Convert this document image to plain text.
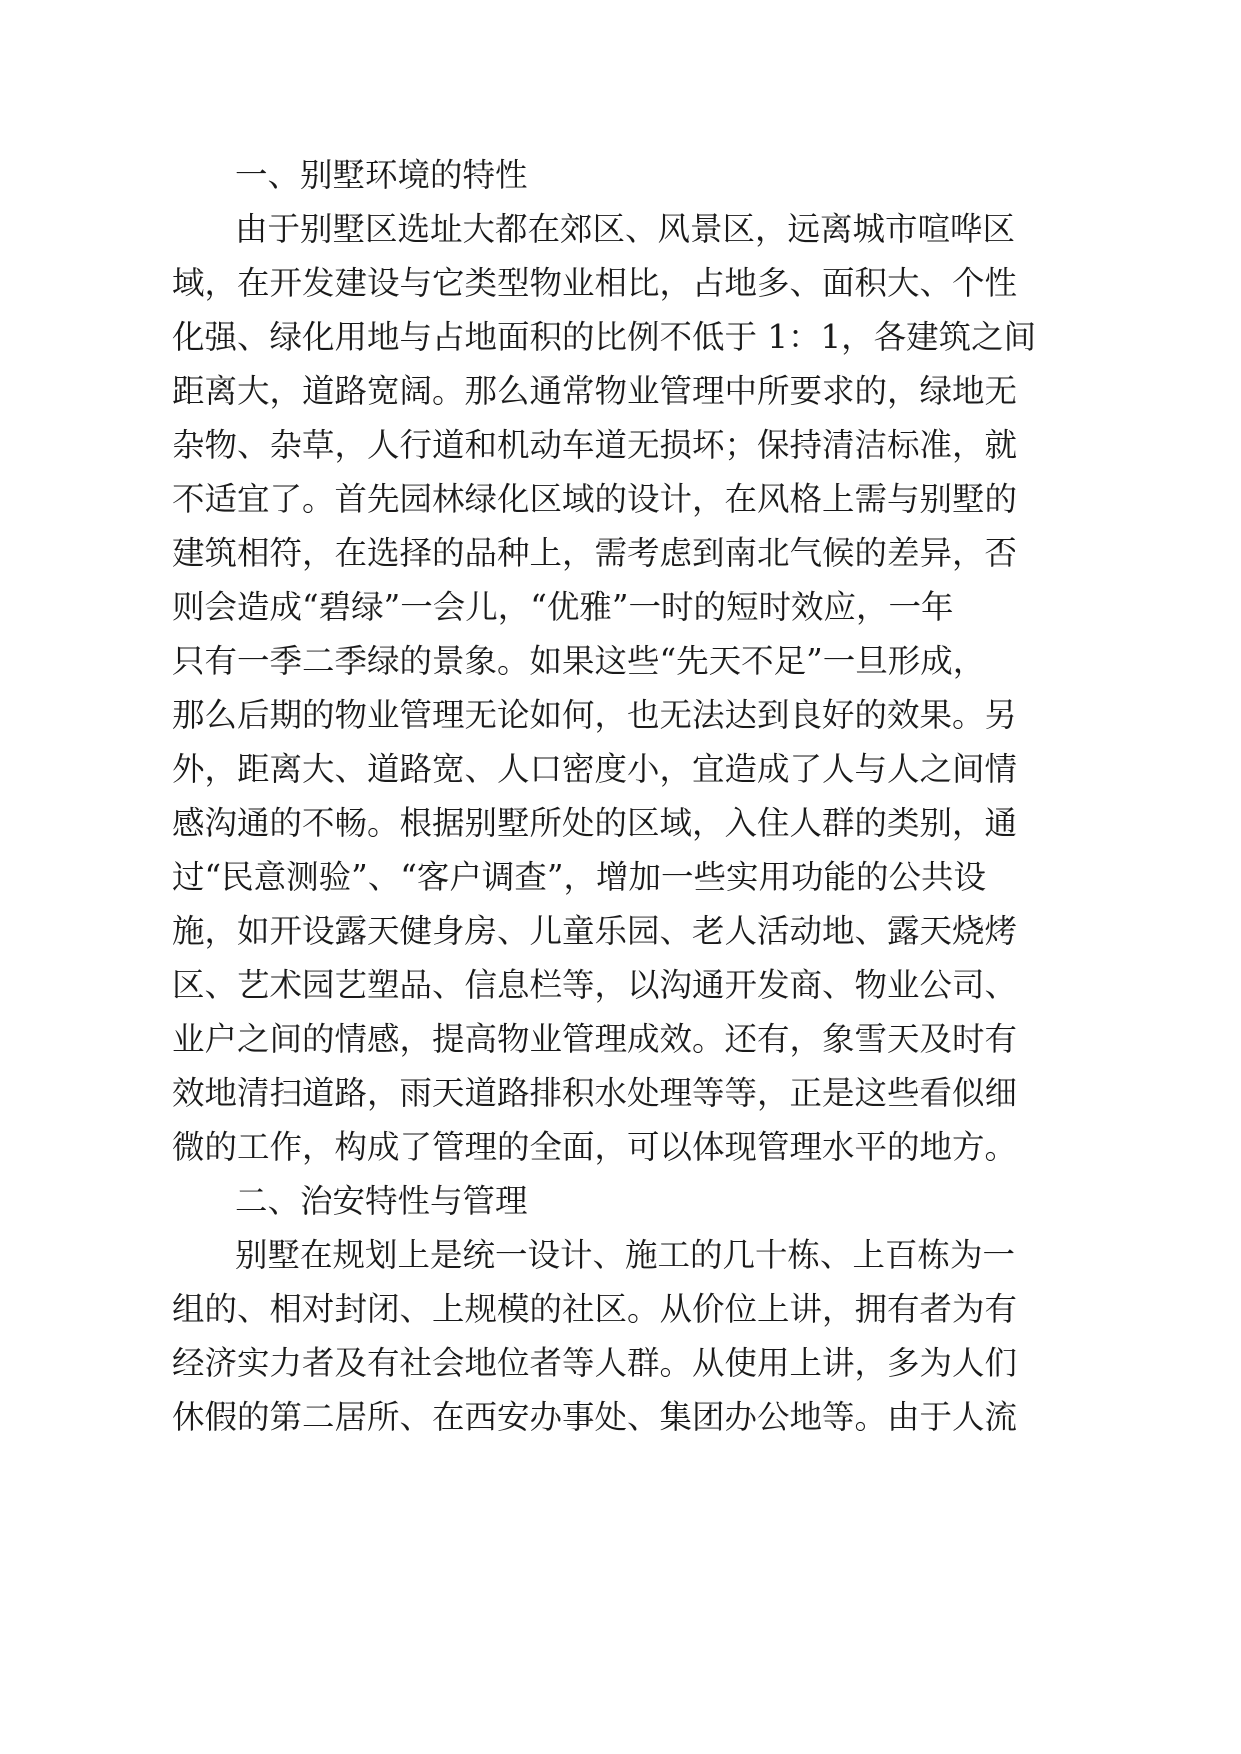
一、别墅环境的特性

由于别墅区选址大都在郊区、风景区，远离城市喧哗区

域，在开发建设与它类型物业相比，占地多、面积大、个性

化强、绿化用地与占地面积的比例不低于 1：1，各建筑之间

距离大，道路宽阔。那么通常物业管理中所要求的，绿地无

杂物、杂草，人行道和机动车道无损坏；保持清洁标准，就

不适宜了。首先园林绿化区域的设计，在风格上需与别墅的

建筑相符，在选择的品种上，需考虑到南北气候的差异，否

则会造成“碧绿”一会儿，“优雅”一时的短时效应，一年

只有一季二季绿的景象。如果这些“先天不足”一旦形成，

那么后期的物业管理无论如何，也无法达到良好的效果。另

外，距离大、道路宽、人口密度小，宜造成了人与人之间情

感沟通的不畅。根据别墅所处的区域，入住人群的类别，通

过“民意测验”、“客户调查”，增加一些实用功能的公共设

施，如开设露天健身房、儿童乐园、老人活动地、露天烧烤

区、艺术园艺塑品、信息栏等，以沟通开发商、物业公司、

业户之间的情感，提高物业管理成效。还有，象雪天及时有

效地清扫道路，雨天道路排积水处理等等，正是这些看似细

微的工作，构成了管理的全面，可以体现管理水平的地方。

二、治安特性与管理

别墅在规划上是统一设计、施工的几十栋、上百栋为一

组的、相对封闭、上规模的社区。从价位上讲，拥有者为有

经济实力者及有社会地位者等人群。从使用上讲，多为人们

休假的第二居所、在西安办事处、集团办公地等。由于人流
